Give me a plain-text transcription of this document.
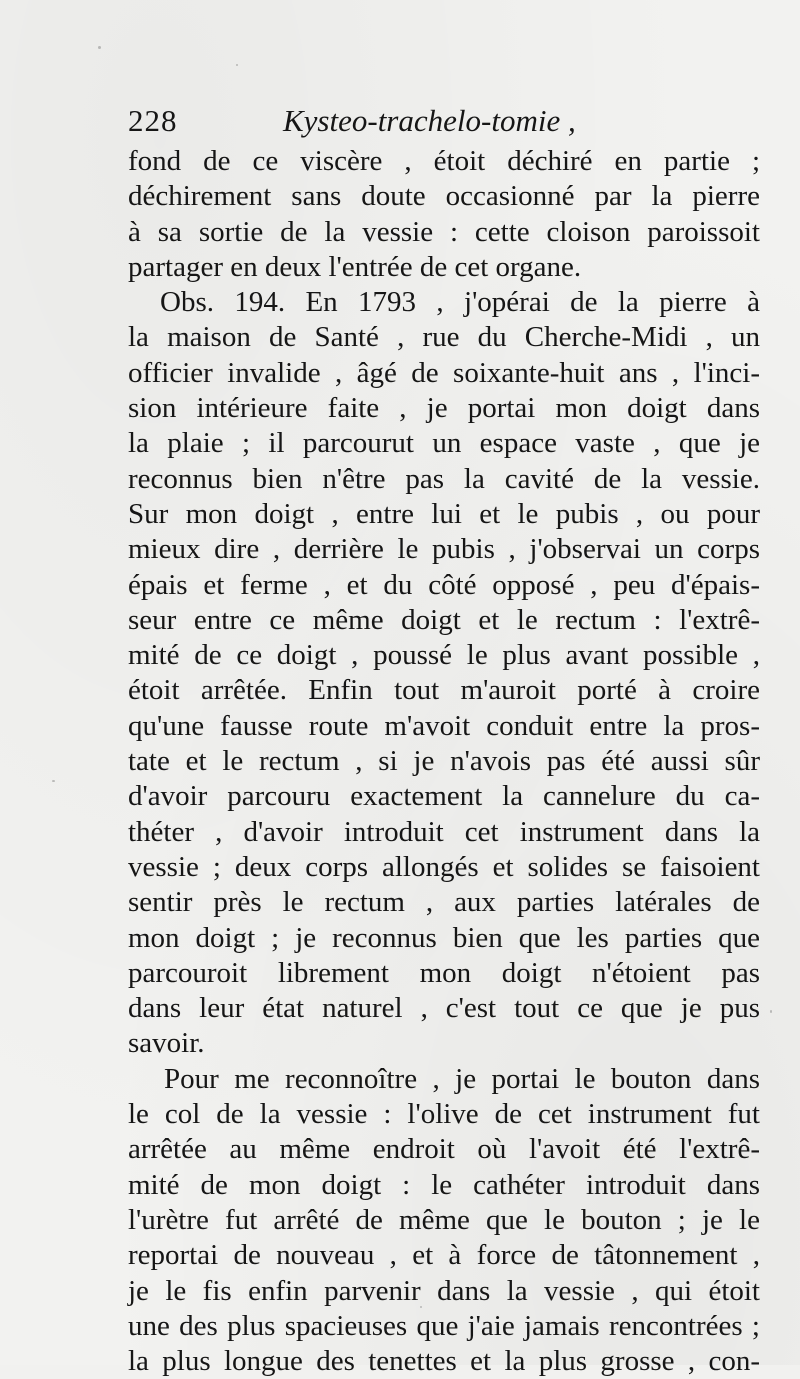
228	Kysteo-trachelo-tomie ,
fond de ce viscère , étoit déchiré en partie ;
déchirement sans doute occasionné par la pierre
à sa sortie de la vessie : cette cloison paroissoit
partager en deux l'entrée de cet organe.
Obs. 194. En 1793 , j'opérai de la pierre à
la maison de Santé , rue du Cherche-Midi , un
officier invalide , âgé de soixante-huit ans , l'inci-
sion intérieure faite , je portai mon doigt dans
la plaie ; il parcourut un espace vaste , que je
reconnus bien n'être pas la cavité de la vessie.
Sur mon doigt , entre lui et le pubis , ou pour
mieux dire , derrière le pubis , j'observai un corps
épais et ferme , et du côté opposé , peu d'épais-
seur entre ce même doigt et le rectum : l'extrê-
mité de ce doigt , poussé le plus avant possible ,
étoit arrêtée. Enfin tout m'auroit porté à croire
qu'une fausse route m'avoit conduit entre la pros-
tate et le rectum , si je n'avois pas été aussi sûr
d'avoir parcouru exactement la cannelure du ca-
théter , d'avoir introduit cet instrument dans la
vessie ; deux corps allongés et solides se faisoient
sentir près le rectum , aux parties latérales de
mon doigt ; je reconnus bien que les parties que
parcouroit librement mon doigt n'étoient pas
dans leur état naturel , c'est tout ce que je pus
savoir.
Pour me reconnoître , je portai le bouton dans
le col de la vessie : l'olive de cet instrument fut
arrêtée au même endroit où l'avoit été l'extrê-
mité de mon doigt : le cathéter introduit dans
l'urètre fut arrêté de même que le bouton ; je le
reportai de nouveau , et à force de tâtonnement ,
je le fis enfin parvenir dans la vessie , qui étoit
une des plus spacieuses que j'aie jamais rencontrées ;
la plus longue des tenettes et la plus grosse , con-
